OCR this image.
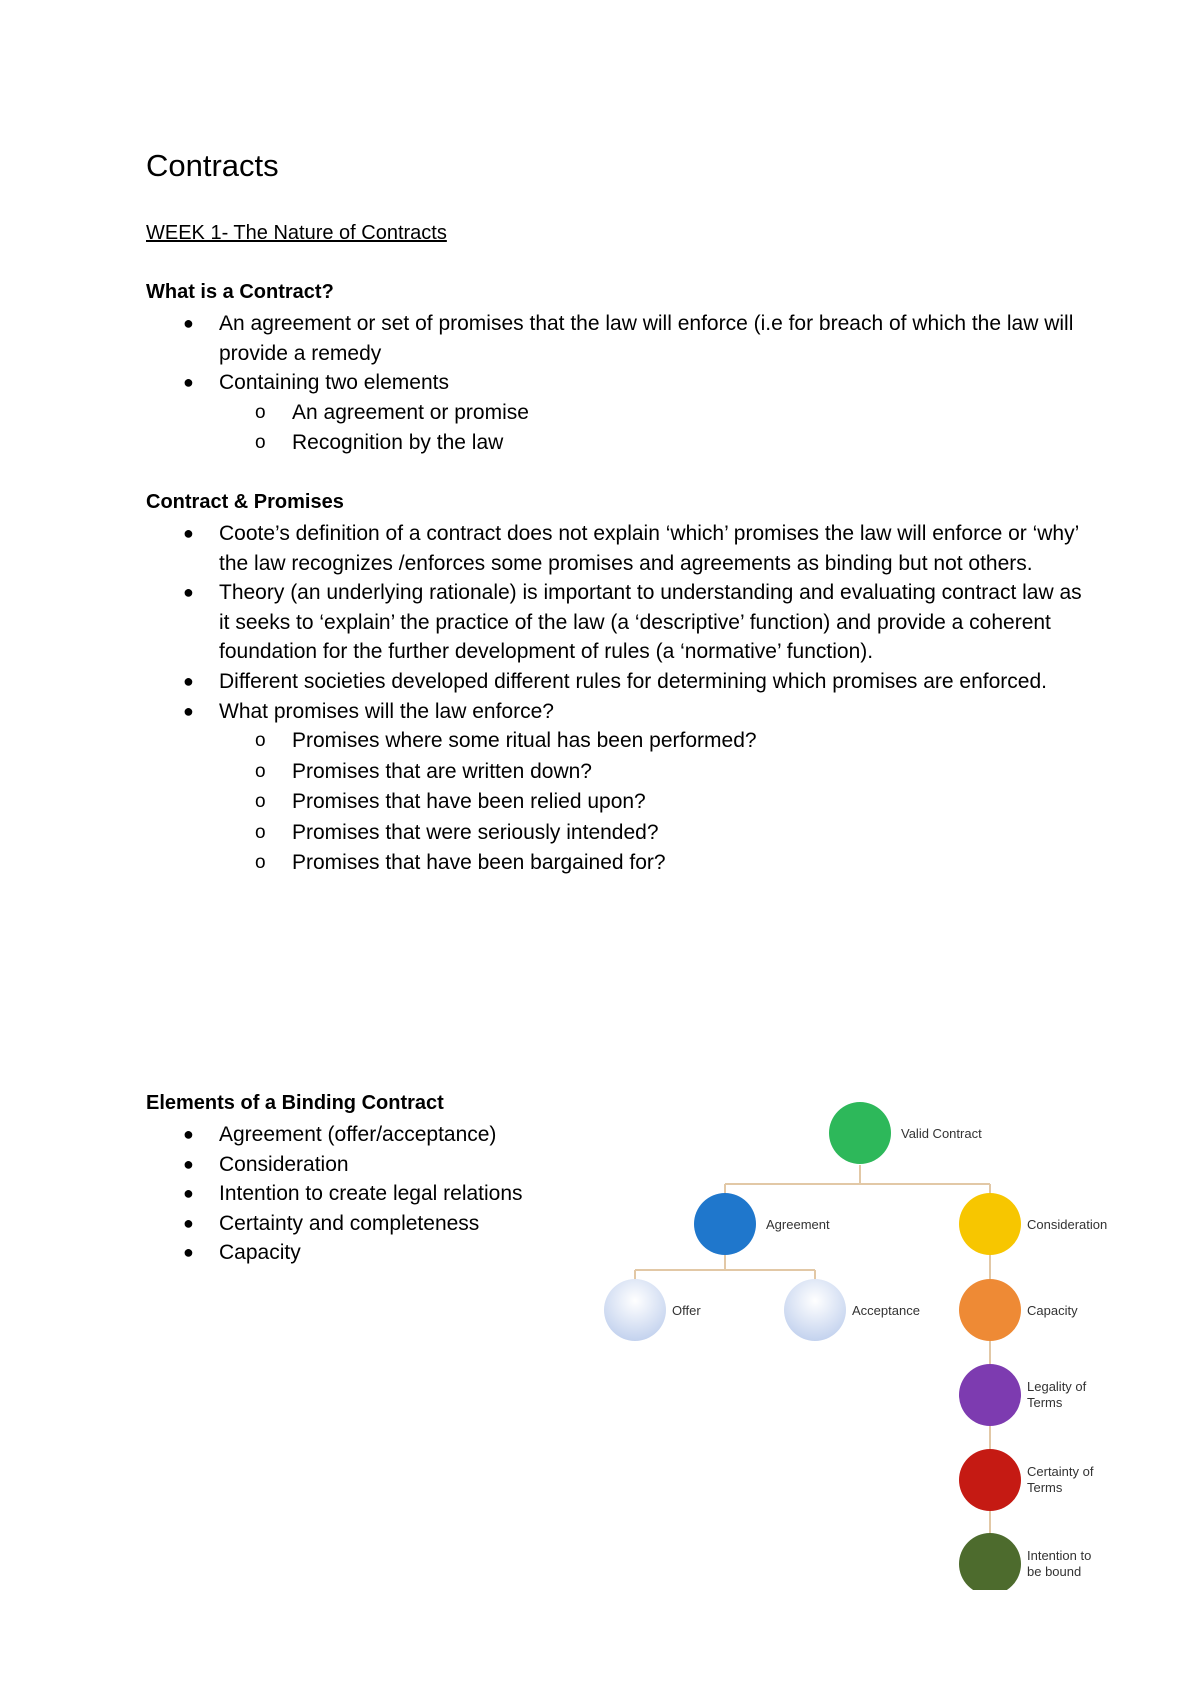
Contracts
WEEK 1- The Nature of Contracts
What is a Contract?
● An agreement or set of promises that the law will enforce (i.e for breach of which the law will provide a remedy
● Containing two elements
o An agreement or promise
o Recognition by the law
Contract & Promises
● Coote’s definition of a contract does not explain ‘which’ promises the law will enforce or ‘why’ the law recognizes /enforces some promises and agreements as binding but not others.
● Theory (an underlying rationale) is important to understanding and evaluating contract law as it seeks to ‘explain’ the practice of the law (a ‘descriptive’ function) and provide a coherent foundation for the further development of rules (a ‘normative’ function).
● Different societies developed different rules for determining which promises are enforced.
● What promises will the law enforce?
o Promises where some ritual has been performed?
o Promises that are written down?
o Promises that have been relied upon?
o Promises that were seriously intended?
o Promises that have been bargained for?
Elements of a Binding Contract
● Agreement (offer/acceptance)
● Consideration
● Intention to create legal relations
● Certainty and completeness
● Capacity
Valid Contract
Agreement	Consideration
Offer	Acceptance	Capacity
Legality of
Terms
Certainty of
Terms
Intention to
be bound
